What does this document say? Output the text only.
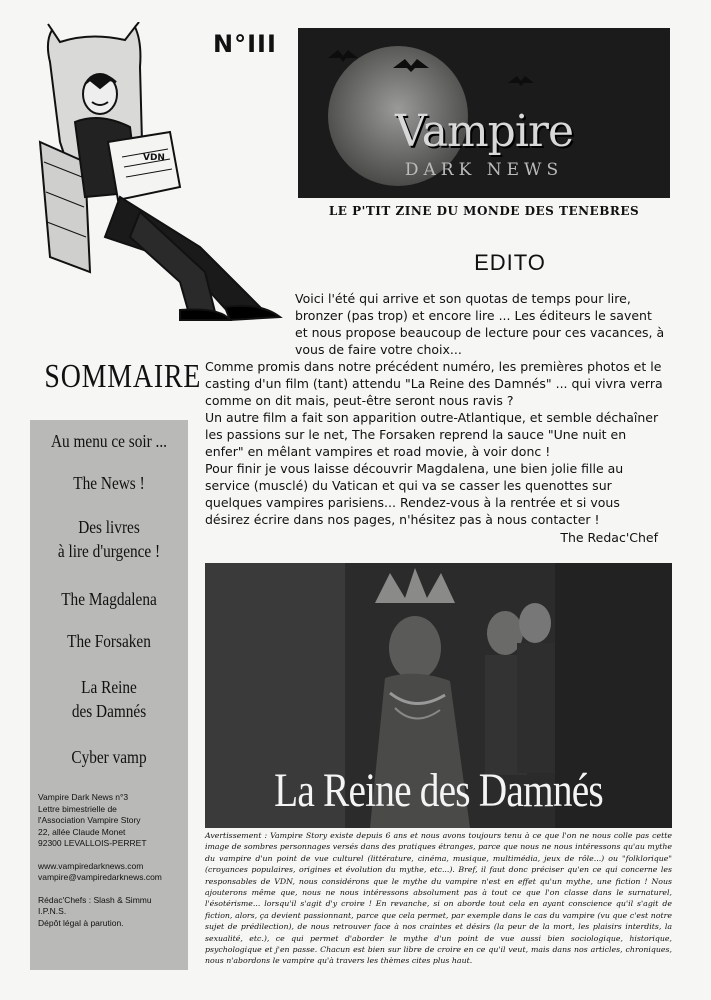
VDN
N°III
Vampire
DARK NEWS
LE P'TIT ZINE DU MONDE DES TENEBRES
EDITO

Voici l'été qui arrive et son quotas de temps pour lire, bronzer (pas trop) et encore lire ... Les éditeurs le savent et nous propose beaucoup de lecture pour ces vacances, à vous de faire votre choix...

Comme promis dans notre précédent numéro, les premières photos et le casting d'un film (tant) attendu "La Reine des Damnés" ... qui vivra verra comme on dit mais, peut-être seront nous ravis ?

Un autre film a fait son apparition outre-Atlantique, et semble déchaîner les passions sur le net, The Forsaken reprend la sauce "Une nuit en enfer" en mêlant vampires et road movie, à voir donc !

Pour finir je vous laisse découvrir Magdalena, une bien jolie fille au service (musclé) du Vatican et qui va se casser les quenottes sur quelques vampires parisiens... Rendez-vous à la rentrée et si vous désirez écrire dans nos pages, n'hésitez pas à nous contacter !

The Redac'Chef
SOMMAIRE
Au menu ce soir ...
The News !
Des livres
à lire d'urgence !
The Magdalena
The Forsaken
La Reine
des Damnés
Cyber vamp

Vampire Dark News n°3

Lettre bimestrielle de

l'Association Vampire Story

22, allée Claude Monet

92300 LEVALLOIS-PERRET

www.vampiredarknews.com

vampire@vampiredarknews.com

Rédac'Chefs : Slash & Simmu

I.P.N.S.

Dépôt légal à parution.

La Reine des Damnés
Avertissement : Vampire Story existe depuis 6 ans et nous avons toujours tenu à ce que l'on ne nous colle pas cette image de sombres personnages versés dans des pratiques étranges, parce que nous ne nous intéressons qu'au mythe du vampire d'un point de vue culturel (littérature, cinéma, musique, multimédia, jeux de rôle...) ou "folklorique" (croyances populaires, origines et évolution du mythe, etc...). Bref, il faut donc préciser qu'en ce qui concerne les responsables de VDN, nous considérons que le mythe du vampire n'est en effet qu'un mythe, une fiction ! Nous ajouterons même que, nous ne nous intéressons absolument pas à tout ce que l'on classe dans le surnaturel, l'ésotérisme... lorsqu'il s'agit d'y croire ! En revanche, si on aborde tout cela en ayant conscience qu'il s'agit de fiction, alors, ça devient passionnant, parce que cela permet, par exemple dans le cas du vampire (vu que c'est notre sujet de prédilection), de nous retrouver face à nos craintes et désirs (la peur de la mort, les plaisirs interdits, la sexualité, etc.), ce qui permet d'aborder le mythe d'un point de vue aussi bien sociologique, historique, psychologique et j'en passe. Chacun est bien sur libre de croire en ce qu'il veut, mais dans nos articles, chroniques, nous n'abordons le vampire qu'à travers les thèmes cites plus haut.
